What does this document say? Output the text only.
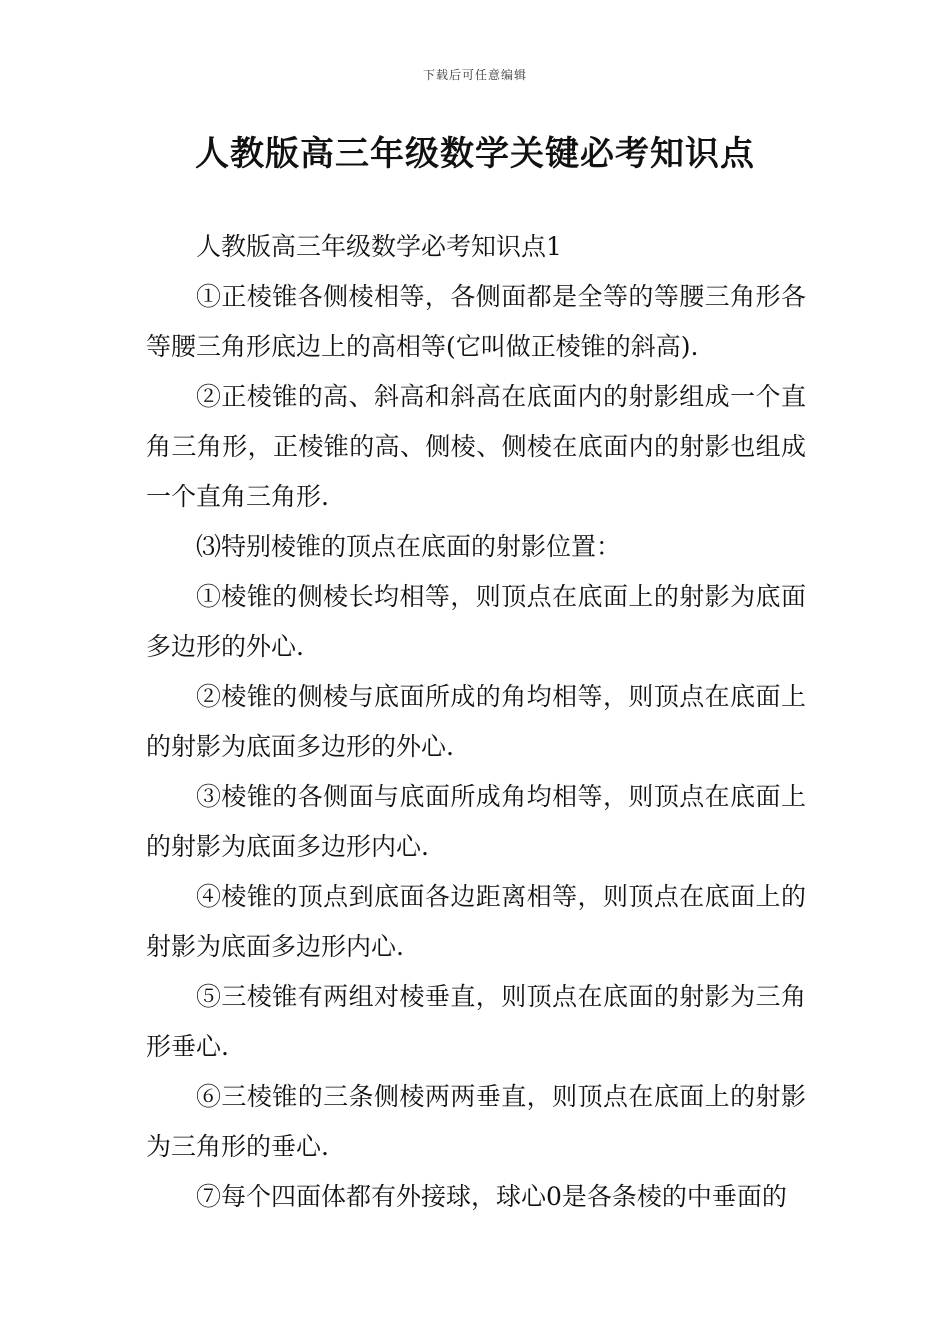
下载后可任意编辑
人教版高三年级数学关键必考知识点

人教版高三年级数学必考知识点1

①正棱锥各侧棱相等，各侧面都是全等的等腰三角形各等腰三角形底边上的高相等(它叫做正棱锥的斜高).

②正棱锥的高、斜高和斜高在底面内的射影组成一个直角三角形，正棱锥的高、侧棱、侧棱在底面内的射影也组成一个直角三角形.

⑶特别棱锥的顶点在底面的射影位置：

①棱锥的侧棱长均相等，则顶点在底面上的射影为底面多边形的外心.

②棱锥的侧棱与底面所成的角均相等，则顶点在底面上的射影为底面多边形的外心.

③棱锥的各侧面与底面所成角均相等，则顶点在底面上的射影为底面多边形内心.

④棱锥的顶点到底面各边距离相等，则顶点在底面上的射影为底面多边形内心.

⑤三棱锥有两组对棱垂直，则顶点在底面的射影为三角形垂心.

⑥三棱锥的三条侧棱两两垂直，则顶点在底面上的射影为三角形的垂心.

⑦每个四面体都有外接球，球心0是各条棱的中垂面的
